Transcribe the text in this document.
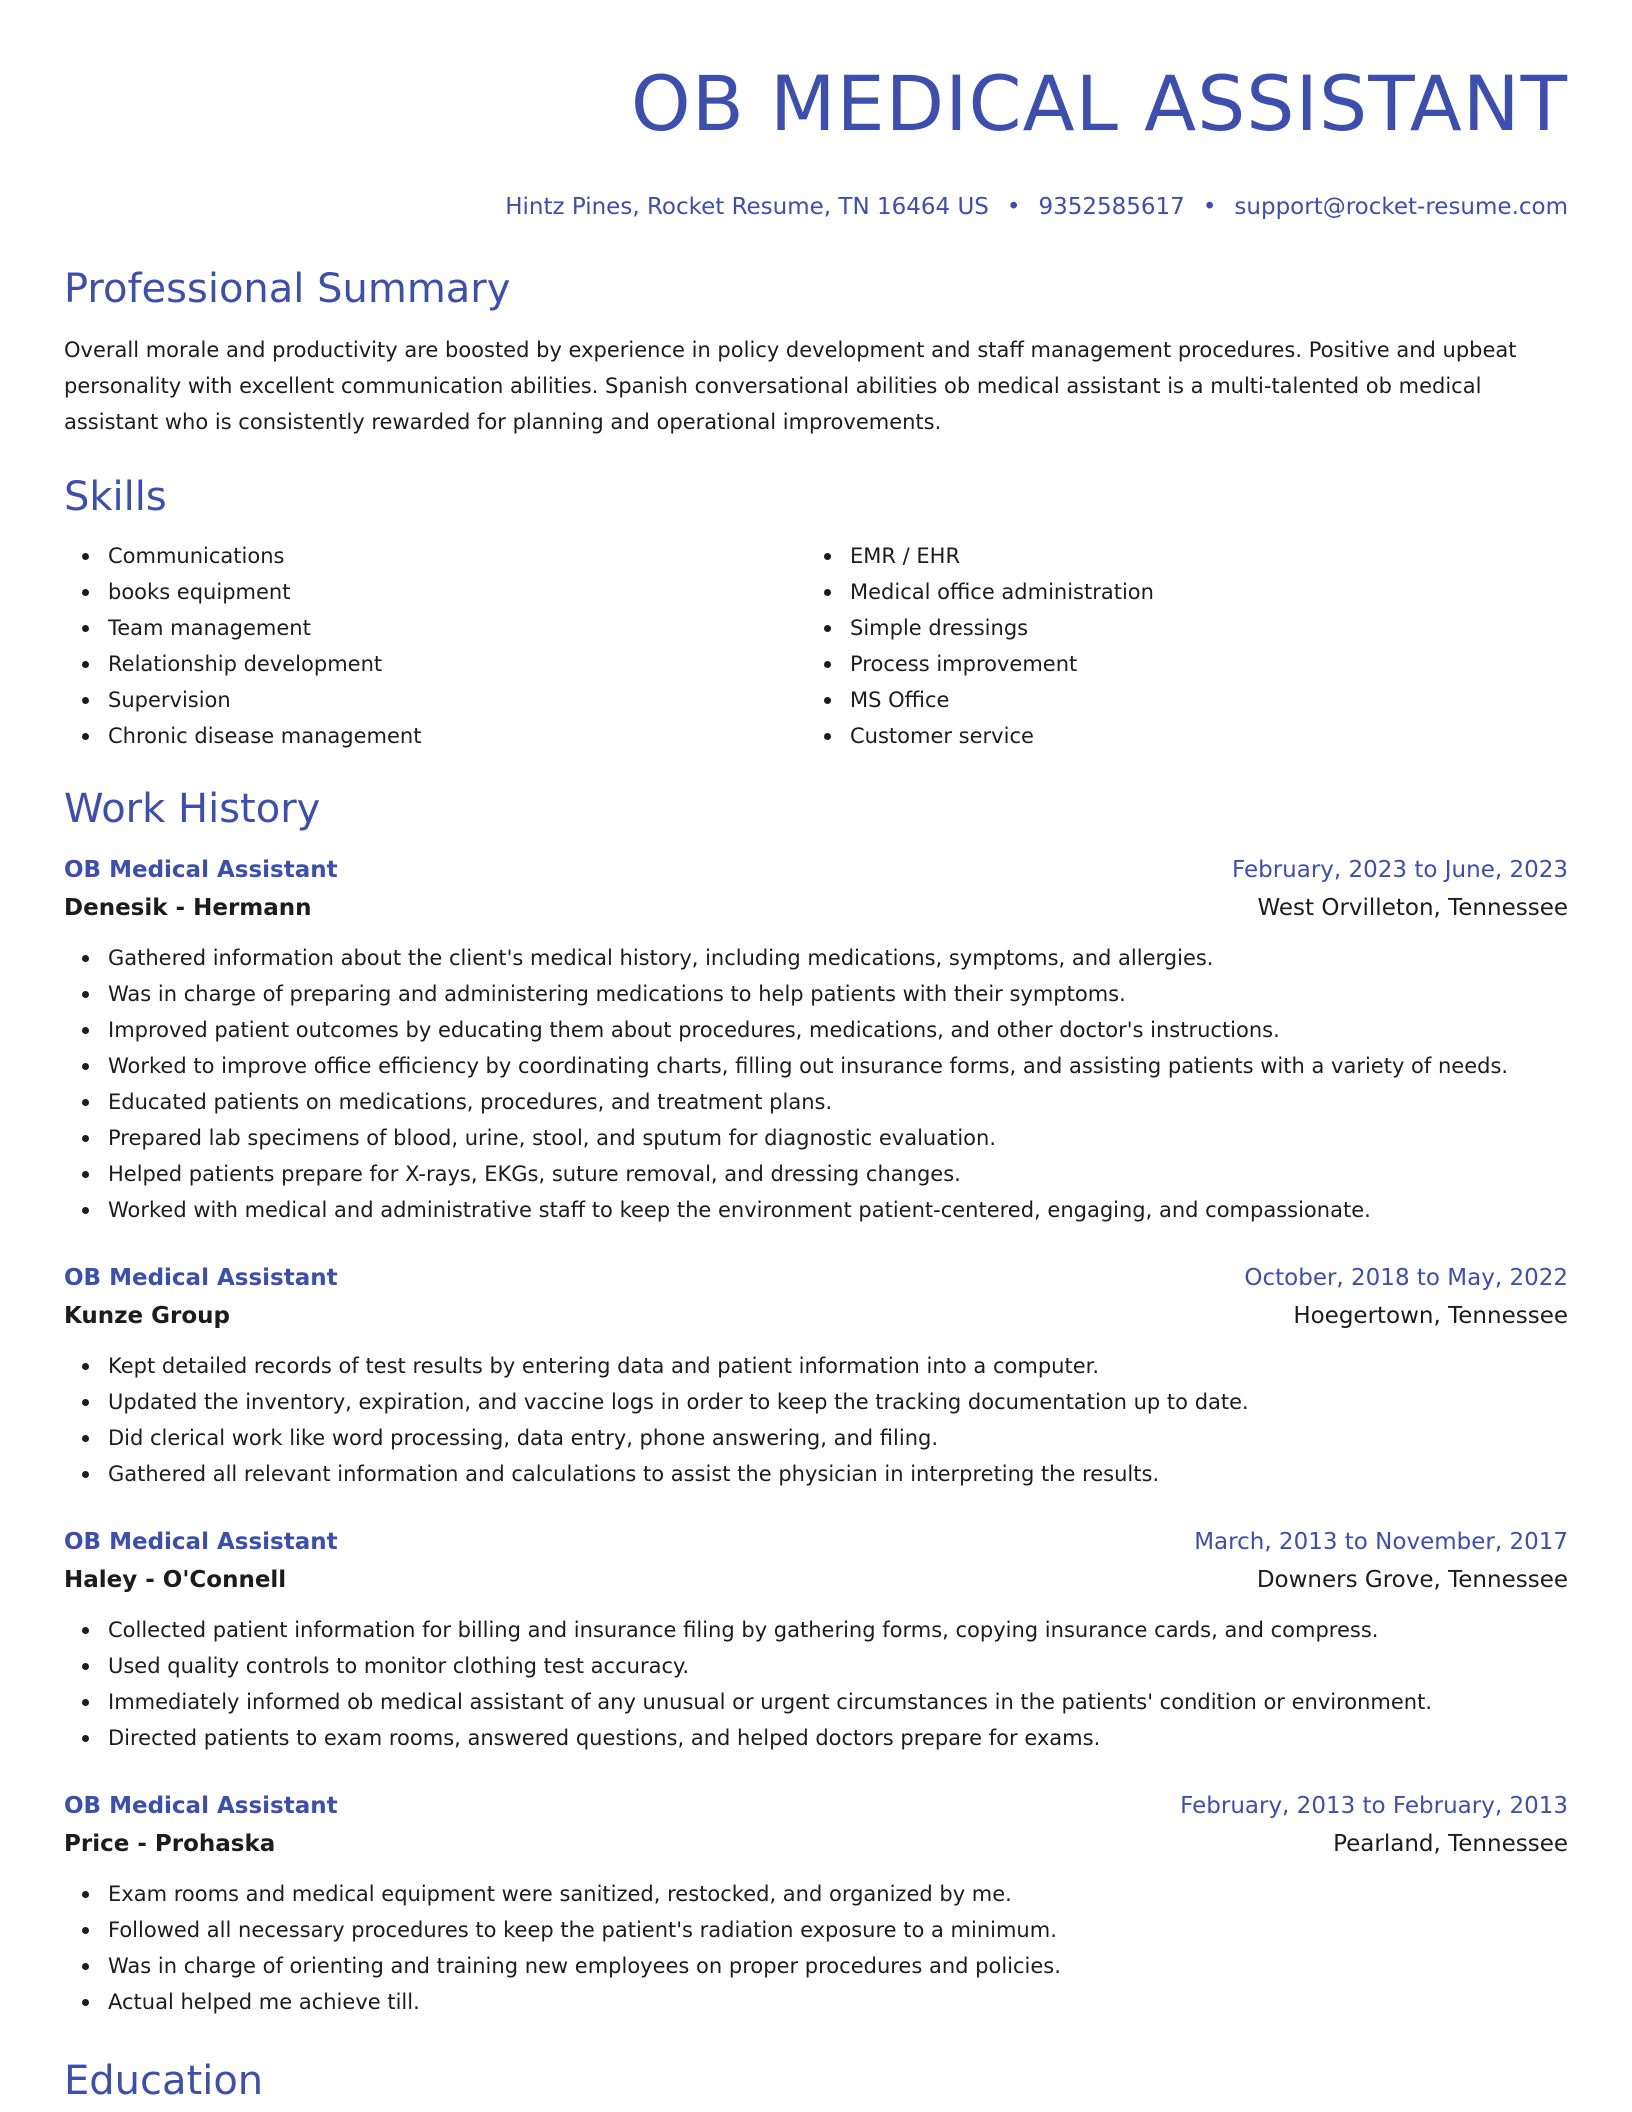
OB MEDICAL ASSISTANT
Hintz Pines, Rocket Resume, TN 16464 US • 9352585617 • support@rocket-resume.com
Professional Summary

Overall morale and productivity are boosted by experience in policy development and staff management procedures. Positive and upbeat personality with excellent communication abilities. Spanish conversational abilities ob medical assistant is a multi-talented ob medical assistant who is consistently rewarded for planning and operational improvements.

Skills
Communications
books equipment
Team management
Relationship development
Supervision
Chronic disease management
EMR / EHR
Medical office administration
Simple dressings
Process improvement
MS Office
Customer service
Work History
OB Medical Assistant	February, 2023 to June, 2023
Denesik - Hermann	West Orvilleton, Tennessee
Gathered information about the client's medical history, including medications, symptoms, and allergies.
Was in charge of preparing and administering medications to help patients with their symptoms.
Improved patient outcomes by educating them about procedures, medications, and other doctor's instructions.
Worked to improve office efficiency by coordinating charts, filling out insurance forms, and assisting patients with a variety of needs.
Educated patients on medications, procedures, and treatment plans.
Prepared lab specimens of blood, urine, stool, and sputum for diagnostic evaluation.
Helped patients prepare for X-rays, EKGs, suture removal, and dressing changes.
Worked with medical and administrative staff to keep the environment patient-centered, engaging, and compassionate.
OB Medical Assistant	October, 2018 to May, 2022
Kunze Group	Hoegertown, Tennessee
Kept detailed records of test results by entering data and patient information into a computer.
Updated the inventory, expiration, and vaccine logs in order to keep the tracking documentation up to date.
Did clerical work like word processing, data entry, phone answering, and filing.
Gathered all relevant information and calculations to assist the physician in interpreting the results.
OB Medical Assistant	March, 2013 to November, 2017
Haley - O'Connell	Downers Grove, Tennessee
Collected patient information for billing and insurance filing by gathering forms, copying insurance cards, and compress.
Used quality controls to monitor clothing test accuracy.
Immediately informed ob medical assistant of any unusual or urgent circumstances in the patients' condition or environment.
Directed patients to exam rooms, answered questions, and helped doctors prepare for exams.
OB Medical Assistant	February, 2013 to February, 2013
Price - Prohaska	Pearland, Tennessee
Exam rooms and medical equipment were sanitized, restocked, and organized by me.
Followed all necessary procedures to keep the patient's radiation exposure to a minimum.
Was in charge of orienting and training new employees on proper procedures and policies.
Actual helped me achieve till.
Education
